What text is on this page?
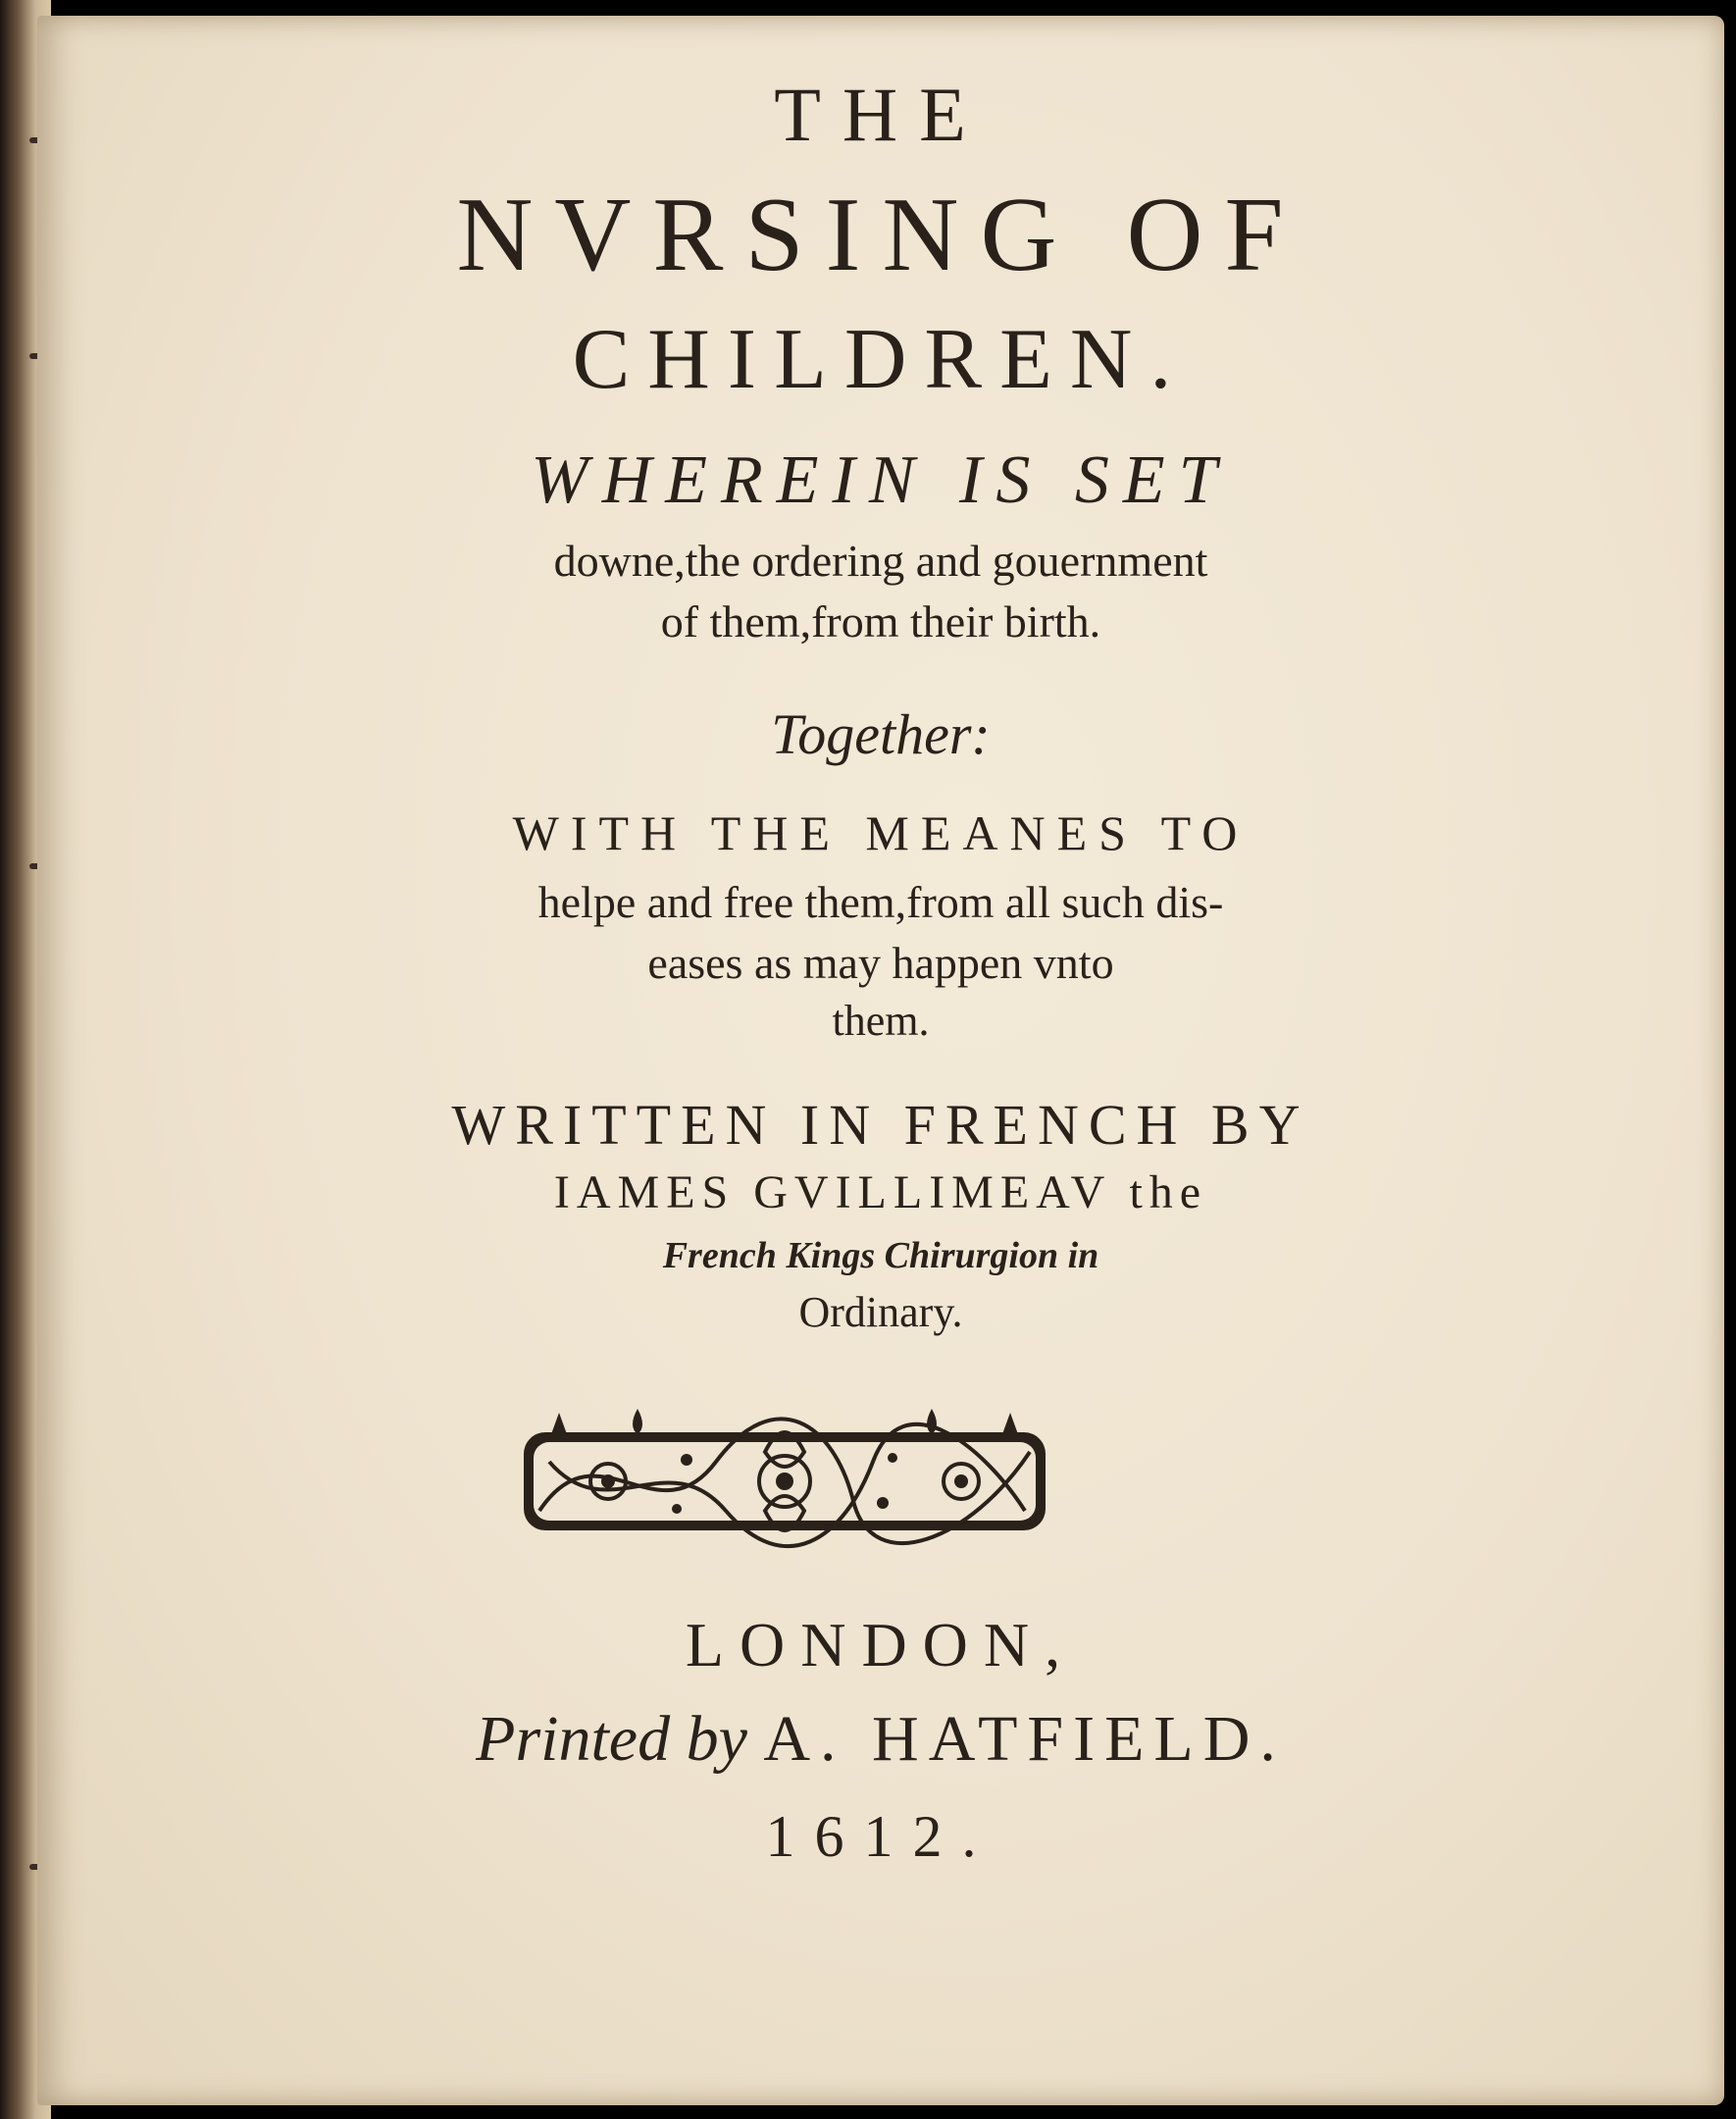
THE
NVRSING OF
CHILDREN.
WHEREIN IS SET
downe,the ordering and gouernment
of them,from their birth.
Together:
WITH THE MEANES TO
helpe and free them,from all such dis-
eases as may happen vnto
them.
WRITTEN IN FRENCH BY
IAMES GVILLIMEAV the
French Kings Chirurgion in
Ordinary.
LONDON,
Printed by A. HATFIELD.
1612.
